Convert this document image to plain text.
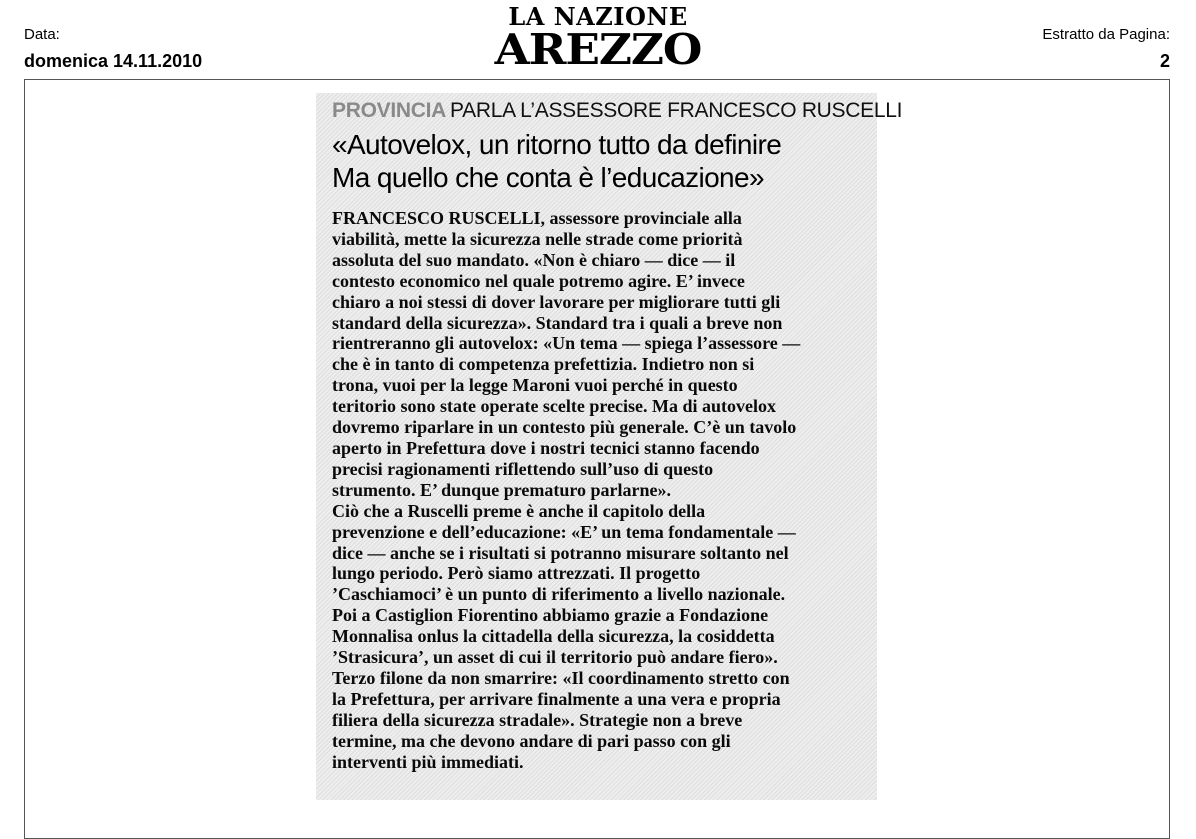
Data:
domenica 14.11.2010
LA NAZIONE
AREZZO	Estratto da Pagina:
2
PROVINCIA PARLA L’ASSESSORE FRANCESCO RUSCELLI
«Autovelox, un ritorno tutto da definire
Ma quello che conta è l’educazione»
FRANCESCO RUSCELLI, assessore provinciale alla
viabilità, mette la sicurezza nelle strade come priorità
assoluta del suo mandato. «Non è chiaro — dice — il
contesto economico nel quale potremo agire. E’ invece
chiaro a noi stessi di dover lavorare per migliorare tutti gli
standard della sicurezza». Standard tra i quali a breve non
rientreranno gli autovelox: «Un tema — spiega l’assessore —
che è in tanto di competenza prefettizia. Indietro non si
trona, vuoi per la legge Maroni vuoi perché in questo
teritorio sono state operate scelte precise. Ma di autovelox
dovremo riparlare in un contesto più generale. C’è un tavolo
aperto in Prefettura dove i nostri tecnici stanno facendo
precisi ragionamenti riflettendo sull’uso di questo
strumento. E’ dunque prematuro parlarne».
Ciò che a Ruscelli preme è anche il capitolo della
prevenzione e dell’educazione: «E’ un tema fondamentale —
dice — anche se i risultati si potranno misurare soltanto nel
lungo periodo. Però siamo attrezzati. Il progetto
’Caschiamoci’ è un punto di riferimento a livello nazionale.
Poi a Castiglion Fiorentino abbiamo grazie a Fondazione
Monnalisa onlus la cittadella della sicurezza, la cosiddetta
’Strasicura’, un asset di cui il territorio può andare fiero».
Terzo filone da non smarrire: «Il coordinamento stretto con
la Prefettura, per arrivare finalmente a una vera e propria
filiera della sicurezza stradale». Strategie non a breve
termine, ma che devono andare di pari passo con gli
interventi più immediati.
